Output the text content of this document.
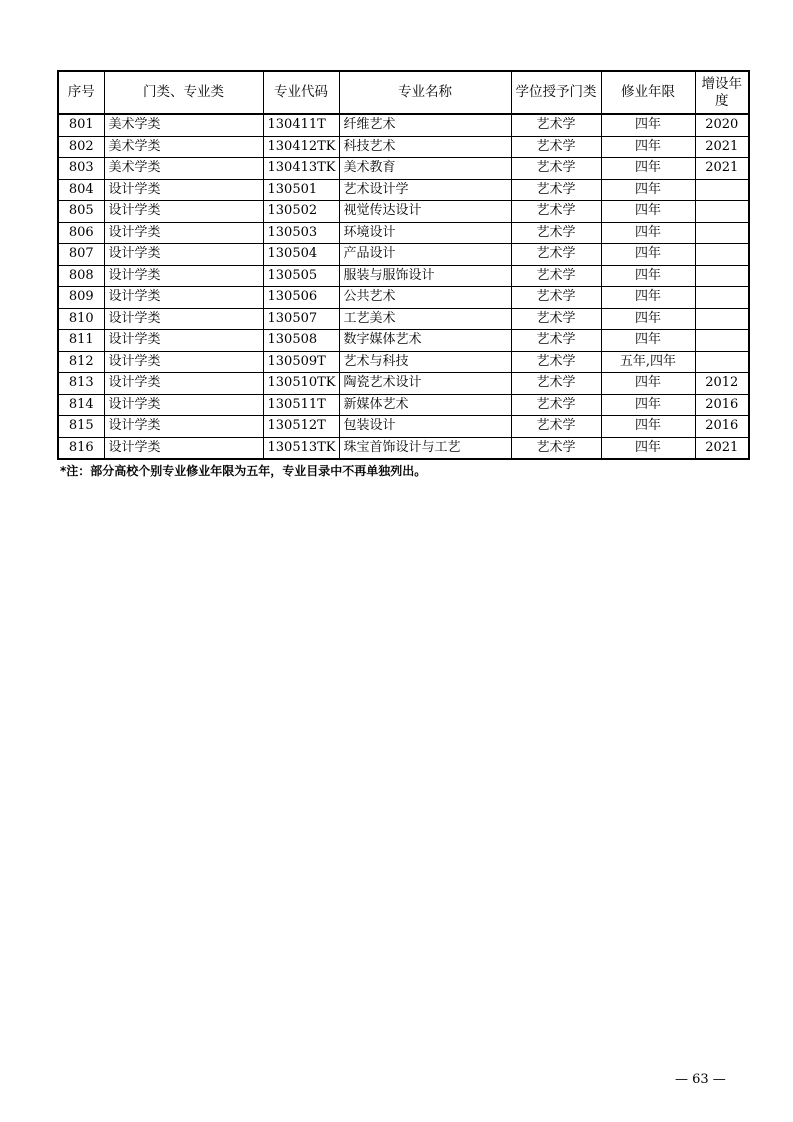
序号	门类、专业类	专业代码	专业名称	学位授予门类	修业年限	增设年度
801	美术学类	130411T	纤维艺术	艺术学	四年	2020
802	美术学类	130412TK	科技艺术	艺术学	四年	2021
803	美术学类	130413TK	美术教育	艺术学	四年	2021
804	设计学类	130501	艺术设计学	艺术学	四年	
805	设计学类	130502	视觉传达设计	艺术学	四年	
806	设计学类	130503	环境设计	艺术学	四年	
807	设计学类	130504	产品设计	艺术学	四年	
808	设计学类	130505	服装与服饰设计	艺术学	四年	
809	设计学类	130506	公共艺术	艺术学	四年	
810	设计学类	130507	工艺美术	艺术学	四年	
811	设计学类	130508	数字媒体艺术	艺术学	四年	
812	设计学类	130509T	艺术与科技	艺术学	五年,四年	
813	设计学类	130510TK	陶瓷艺术设计	艺术学	四年	2012
814	设计学类	130511T	新媒体艺术	艺术学	四年	2016
815	设计学类	130512T	包装设计	艺术学	四年	2016
816	设计学类	130513TK	珠宝首饰设计与工艺	艺术学	四年	2021
*注：部分高校个别专业修业年限为五年，专业目录中不再单独列出。
— 63 —
